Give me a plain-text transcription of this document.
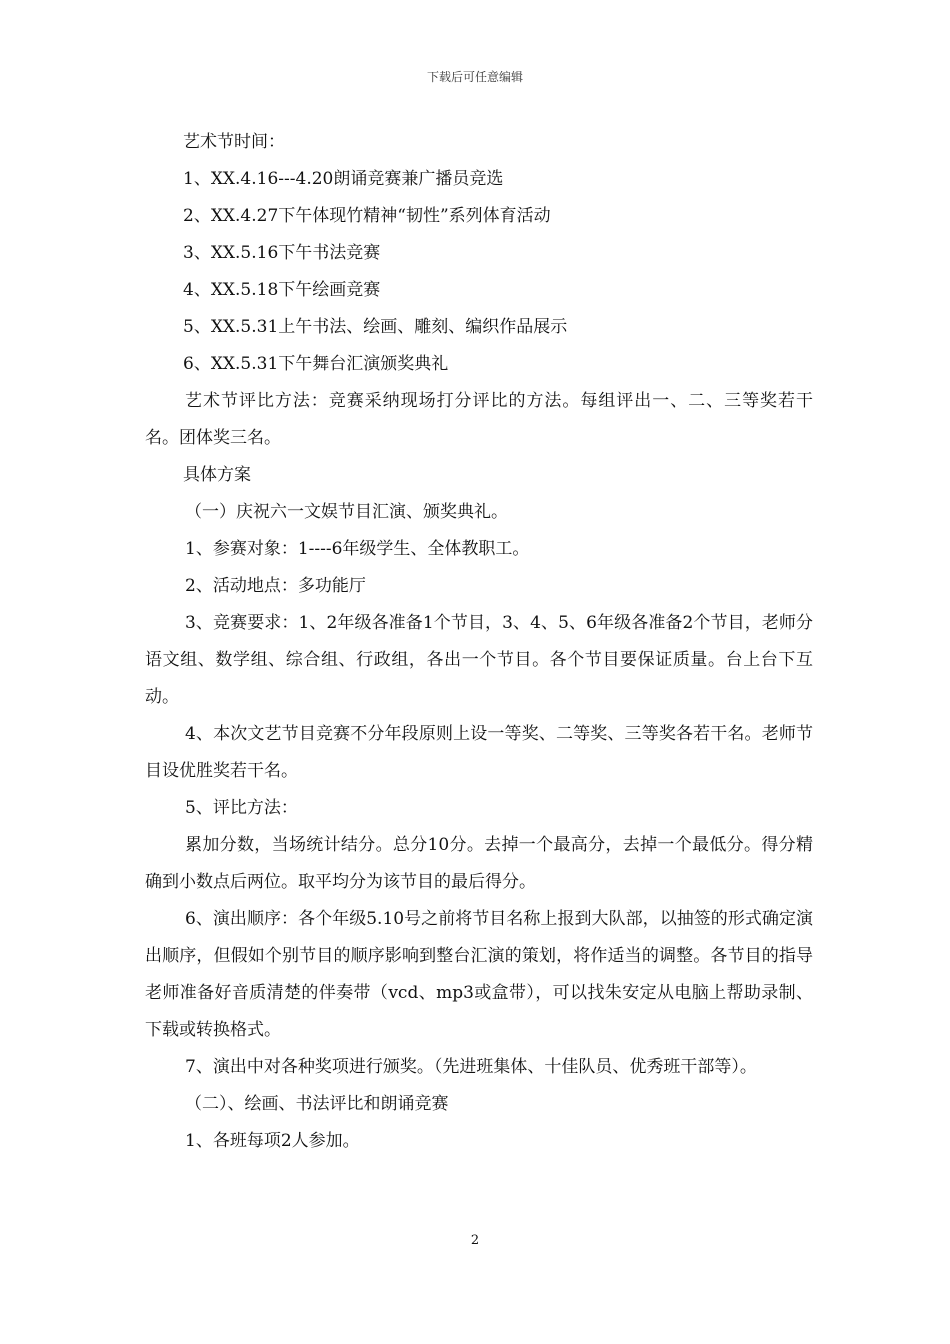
下载后可任意编辑

艺术节时间：

1、XX.4.16---4.20朗诵竞赛兼广播员竞选

2、XX.4.27下午体现竹精神“韧性”系列体育活动

3、XX.5.16下午书法竞赛

4、XX.5.18下午绘画竞赛

5、XX.5.31上午书法、绘画、雕刻、编织作品展示

6、XX.5.31下午舞台汇演颁奖典礼

艺术节评比方法：竞赛采纳现场打分评比的方法。每组评出一、二、三等奖若干名。团体奖三名。

具体方案

（一）庆祝六一文娱节目汇演、颁奖典礼。

1、参赛对象：1----6年级学生、全体教职工。

2、活动地点：多功能厅

3、竞赛要求：1、2年级各准备1个节目，3、4、5、6年级各准备2个节目，老师分语文组、数学组、综合组、行政组，各出一个节目。各个节目要保证质量。台上台下互动。

4、本次文艺节目竞赛不分年段原则上设一等奖、二等奖、三等奖各若干名。老师节目设优胜奖若干名。

5、评比方法：

累加分数，当场统计结分。总分10分。去掉一个最高分，去掉一个最低分。得分精确到小数点后两位。取平均分为该节目的最后得分。

6、演出顺序：各个年级5.10号之前将节目名称上报到大队部，以抽签的形式确定演出顺序，但假如个别节目的顺序影响到整台汇演的策划，将作适当的调整。各节目的指导老师准备好音质清楚的伴奏带（vcd、mp3或盒带），可以找朱安定从电脑上帮助录制、下载或转换格式。

7、演出中对各种奖项进行颁奖。（先进班集体、十佳队员、优秀班干部等）。

（二）、绘画、书法评比和朗诵竞赛

1、各班每项2人参加。

2
